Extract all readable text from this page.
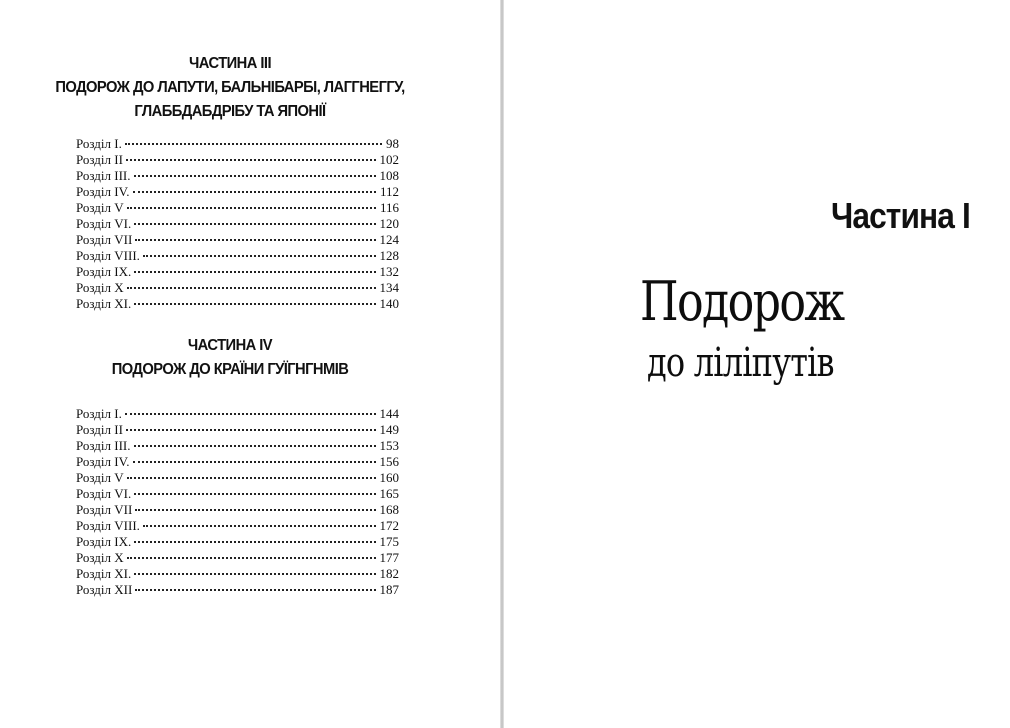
ЧАСТИНА III
ПОДОРОЖ ДО ЛАПУТИ, БАЛЬНІБАРБІ, ЛАГГНЕГГУ,
ГЛАББДАБДРІБУ ТА ЯПОНІЇ
Розділ I.	98
Розділ II	102
Розділ III.	108
Розділ IV.	112
Розділ V	116
Розділ VI.	120
Розділ VII	124
Розділ VIII.	128
Розділ IX.	132
Розділ X	134
Розділ XI.	140
ЧАСТИНА IV
ПОДОРОЖ ДО КРАЇНИ ГУЇГНГНМІВ
Розділ I.	144
Розділ II	149
Розділ III.	153
Розділ IV.	156
Розділ V	160
Розділ VI.	165
Розділ VII	168
Розділ VIII.	172
Розділ IX.	175
Розділ X	177
Розділ XI.	182
Розділ XII	187
Частина I
Подорож
до ліліпутів
